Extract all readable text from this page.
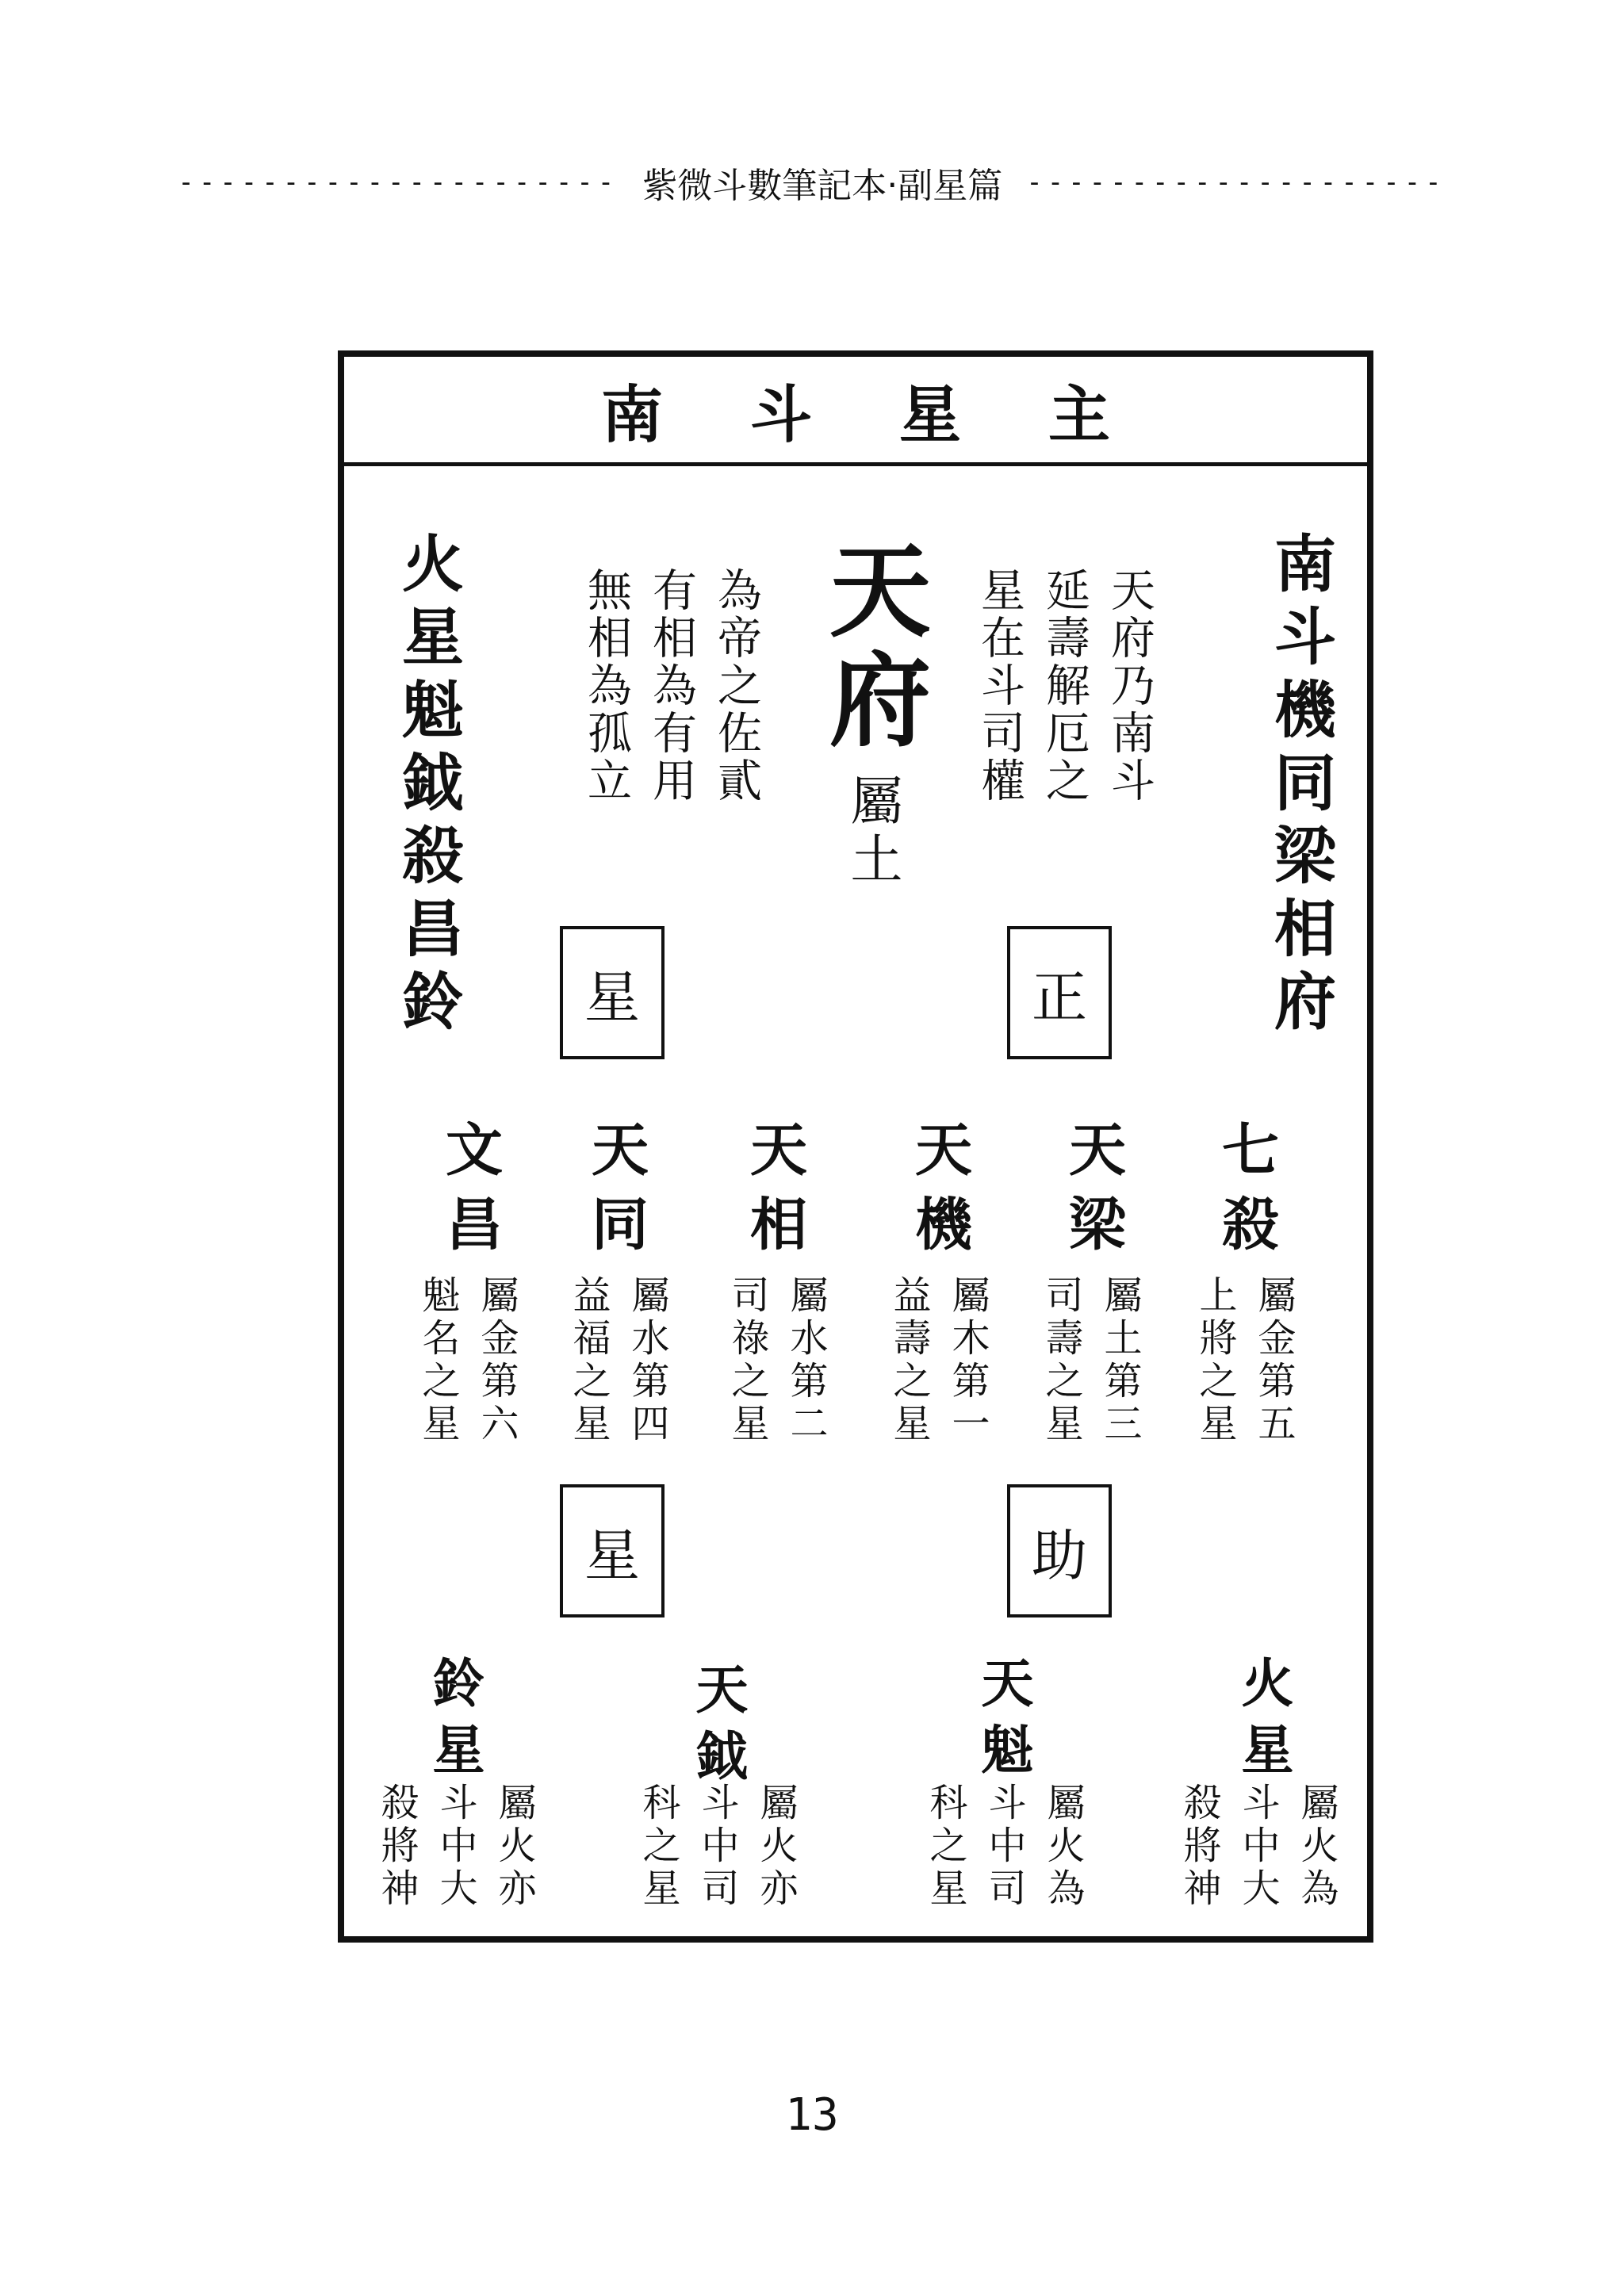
--------------------- 紫微斗數筆記本‧副星篇 --------------------
南 斗 星 主
南斗機同梁相府
火星魁鉞殺昌鈴	天府
屬土
天府乃南斗
延壽解厄之
星在斗司權
為帝之佐貳
有相為有用
無相為孤立
正
星
七殺
屬金第五
上將之星
天梁
屬土第三
司壽之星
天機
屬木第一
益壽之星
天相
屬水第二
司祿之星
天同
屬水第四
益福之星
文昌
屬金第六
魁名之星
助
星
火星
屬火為
斗中大
殺將神
天魁
屬火為
斗中司
科之星
天鉞
屬火亦
斗中司
科之星
鈴星
屬火亦
斗中大
殺將神
13
